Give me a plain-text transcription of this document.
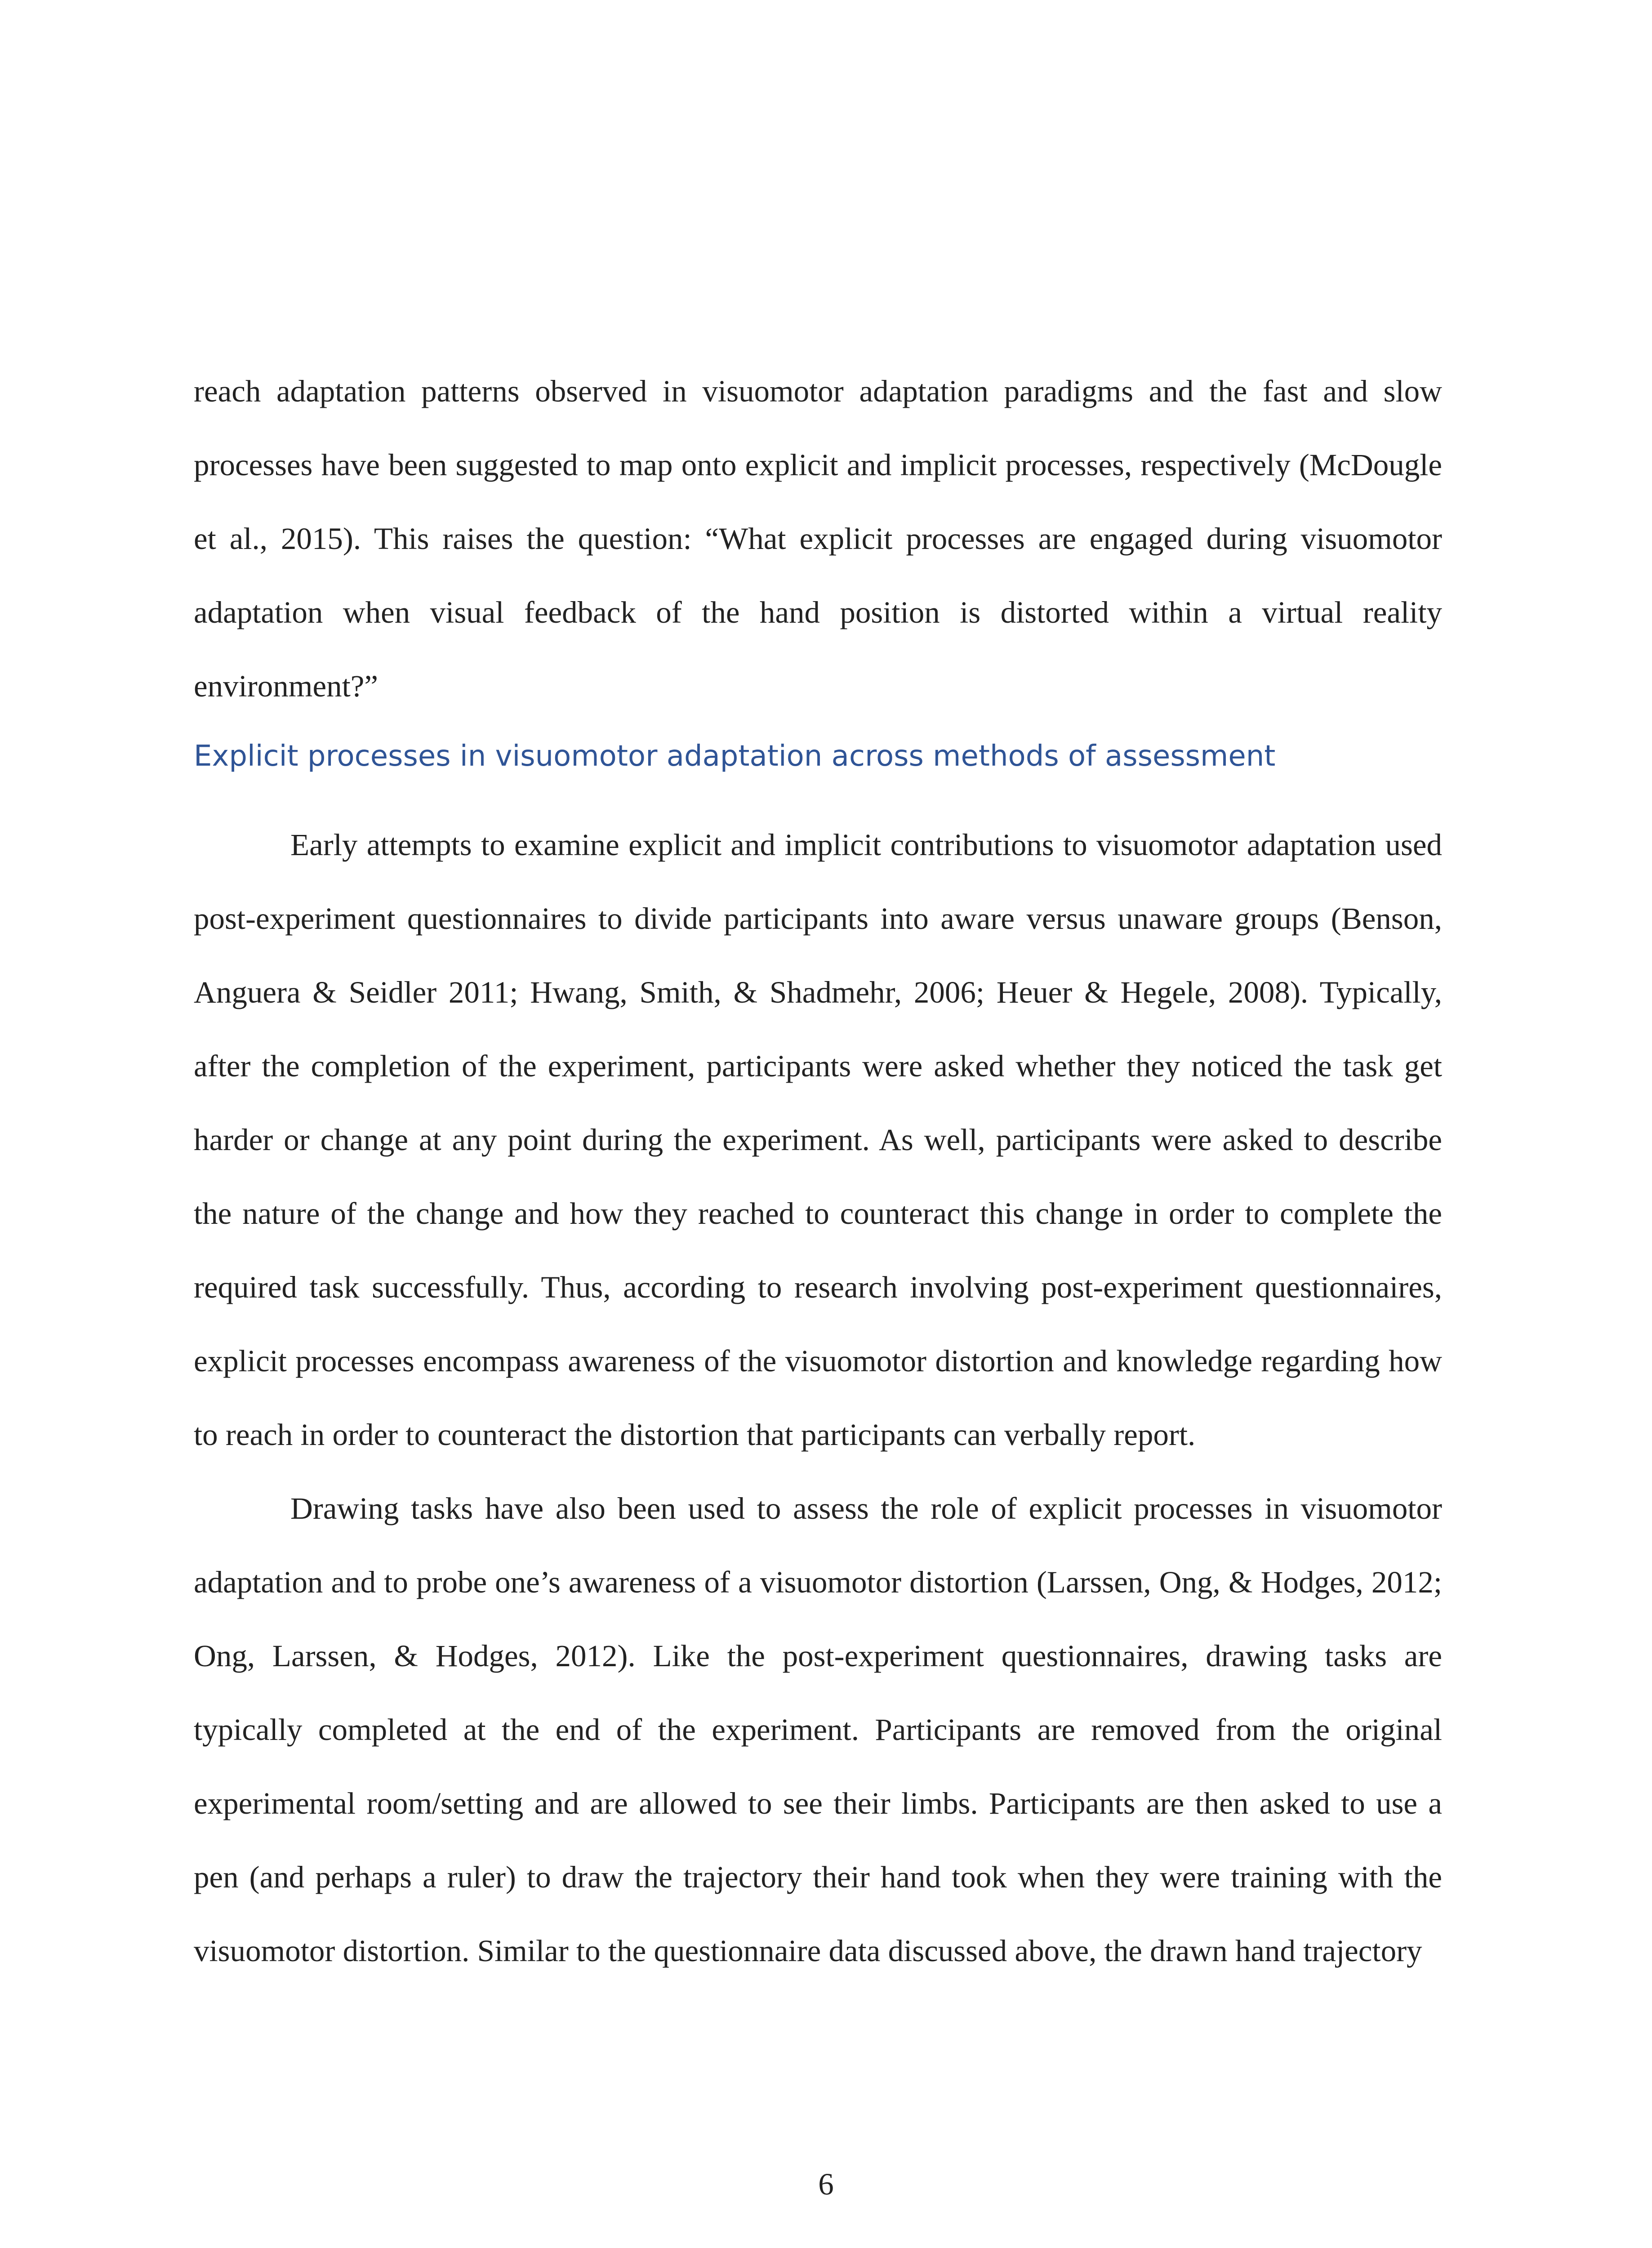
reach adaptation patterns observed in visuomotor adaptation paradigms and the fast and slow processes have been suggested to map onto explicit and implicit processes, respectively (McDougle et al., 2015). This raises the question: “What explicit processes are engaged during visuomotor adaptation when visual feedback of the hand position is distorted within a virtual reality environment?”

Explicit processes in visuomotor adaptation across methods of assessment

Early attempts to examine explicit and implicit contributions to visuomotor adaptation used post-experiment questionnaires to divide participants into aware versus unaware groups (Benson, Anguera & Seidler 2011; Hwang, Smith, & Shadmehr, 2006; Heuer & Hegele, 2008). Typically, after the completion of the experiment, participants were asked whether they noticed the task get harder or change at any point during the experiment. As well, participants were asked to describe the nature of the change and how they reached to counteract this change in order to complete the required task successfully. Thus, according to research involving post-experiment questionnaires, explicit processes encompass awareness of the visuomotor distortion and knowledge regarding how to reach in order to counteract the distortion that participants can verbally report.

Drawing tasks have also been used to assess the role of explicit processes in visuomotor adaptation and to probe one’s awareness of a visuomotor distortion (Larssen, Ong, & Hodges, 2012; Ong, Larssen, & Hodges, 2012). Like the post-experiment questionnaires, drawing tasks are typically completed at the end of the experiment. Participants are removed from the original experimental room/setting and are allowed to see their limbs. Participants are then asked to use a pen (and perhaps a ruler) to draw the trajectory their hand took when they were training with the visuomotor distortion. Similar to the questionnaire data discussed above, the drawn hand trajectory

6
